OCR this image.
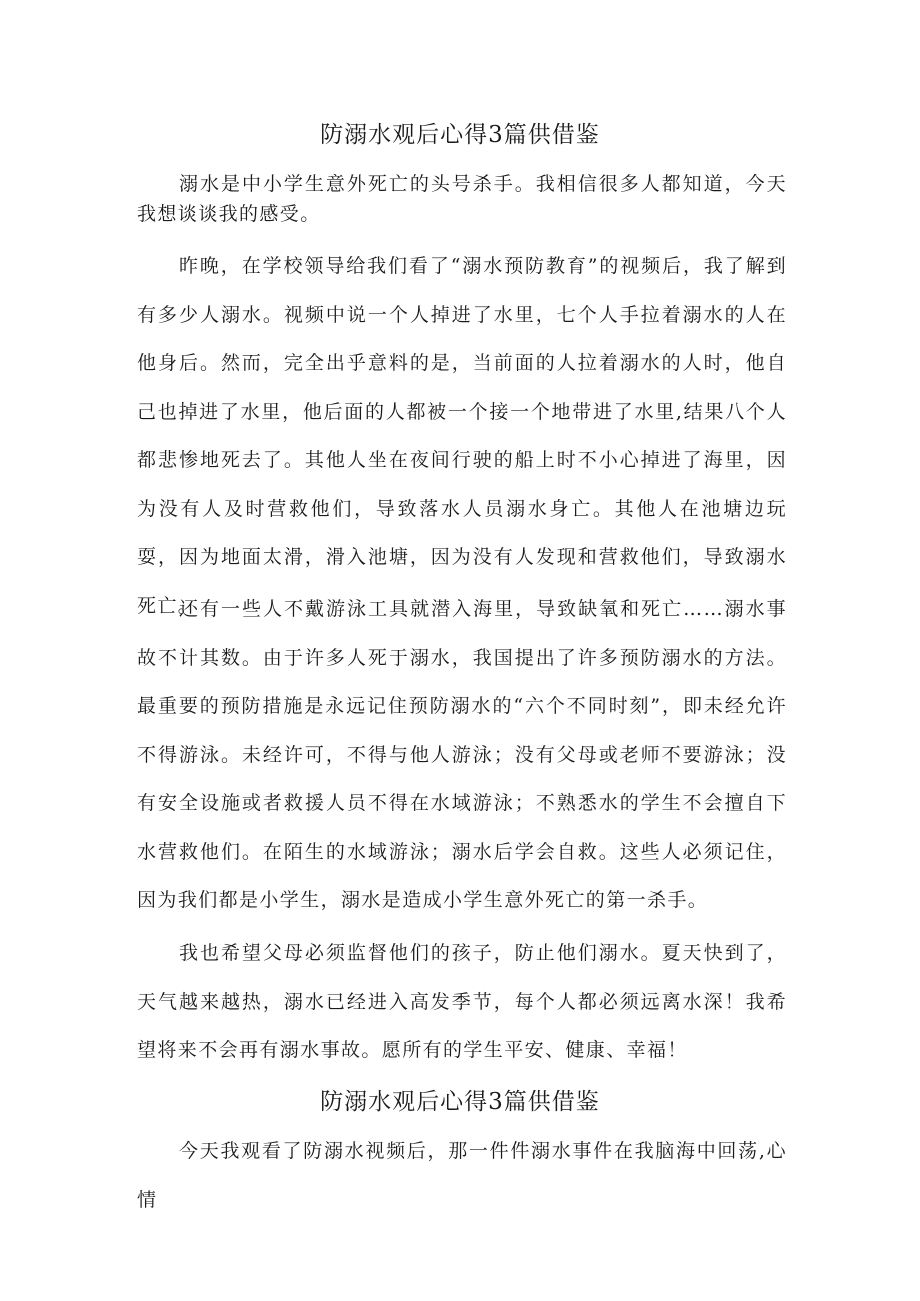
防溺水观后心得3篇供借鉴

溺水是中小学生意外死亡的头号杀手。我相信很多人都知道，今天我想谈谈我的感受。

昨晚，在学校领导给我们看了“溺水预防教育”的视频后，我了解到有多少人溺水。视频中说一个人掉进了水里，七个人手拉着溺水的人在他身后。然而，完全出乎意料的是，当前面的人拉着溺水的人时，他自己也掉进了水里，他后面的人都被一个接一个地带进了水里,结果八个人都悲惨地死去了。其他人坐在夜间行驶的船上时不小心掉进了海里，因为没有人及时营救他们，导致落水人员溺水身亡。其他人在池塘边玩耍，因为地面太滑，滑入池塘，因为没有人发现和营救他们，导致溺水死亡。

还有一些人不戴游泳工具就潜入海里，导致缺氧和死亡……溺水事故不计其数。由于许多人死于溺水，我国提出了许多预防溺水的方法。最重要的预防措施是永远记住预防溺水的“六个不同时刻”，即未经允许不得游泳。未经许可，不得与他人游泳；没有父母或老师不要游泳；没有安全设施或者救援人员不得在水域游泳；不熟悉水的学生不会擅自下水营救他们。在陌生的水域游泳；溺水后学会自救。这些人必须记住，因为我们都是小学生，溺水是造成小学生意外死亡的第一杀手。

我也希望父母必须监督他们的孩子，防止他们溺水。夏天快到了，天气越来越热，溺水已经进入高发季节，每个人都必须远离水深！我希望将来不会再有溺水事故。愿所有的学生平安、健康、幸福！

防溺水观后心得3篇供借鉴

今天我观看了防溺水视频后，那一件件溺水事件在我脑海中回荡,心情
